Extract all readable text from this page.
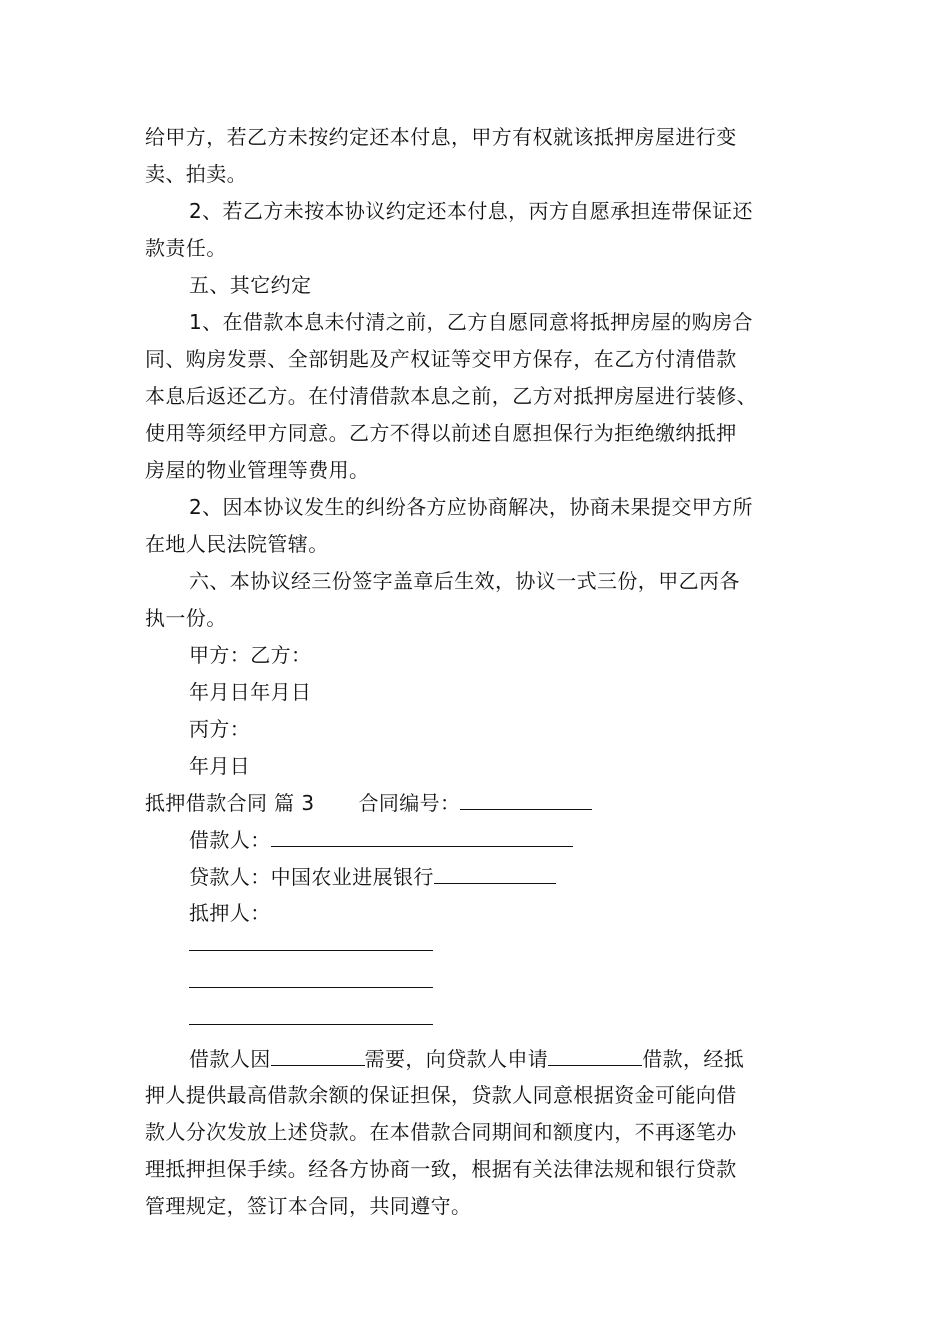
给甲方，若乙方未按约定还本付息，甲方有权就该抵押房屋进行变
卖、拍卖。
2、若乙方未按本协议约定还本付息，丙方自愿承担连带保证还
款责任。
五、其它约定
1、在借款本息未付清之前，乙方自愿同意将抵押房屋的购房合
同、购房发票、全部钥匙及产权证等交甲方保存，在乙方付清借款
本息后返还乙方。在付清借款本息之前，乙方对抵押房屋进行装修、
使用等须经甲方同意。乙方不得以前述自愿担保行为拒绝缴纳抵押
房屋的物业管理等费用。
2、因本协议发生的纠纷各方应协商解决，协商未果提交甲方所
在地人民法院管辖。
六、本协议经三份签字盖章后生效，协议一式三份，甲乙丙各
执一份。
甲方：乙方：
年月日年月日
丙方：
年月日
抵押借款合同 篇 3 合同编号：
借款人：
贷款人：中国农业进展银行
抵押人：
借款人因	需要，向贷款人申请	借款，经抵
押人提供最高借款余额的保证担保，贷款人同意根据资金可能向借
款人分次发放上述贷款。在本借款合同期间和额度内，不再逐笔办
理抵押担保手续。经各方协商一致，根据有关法律法规和银行贷款
管理规定，签订本合同，共同遵守。
